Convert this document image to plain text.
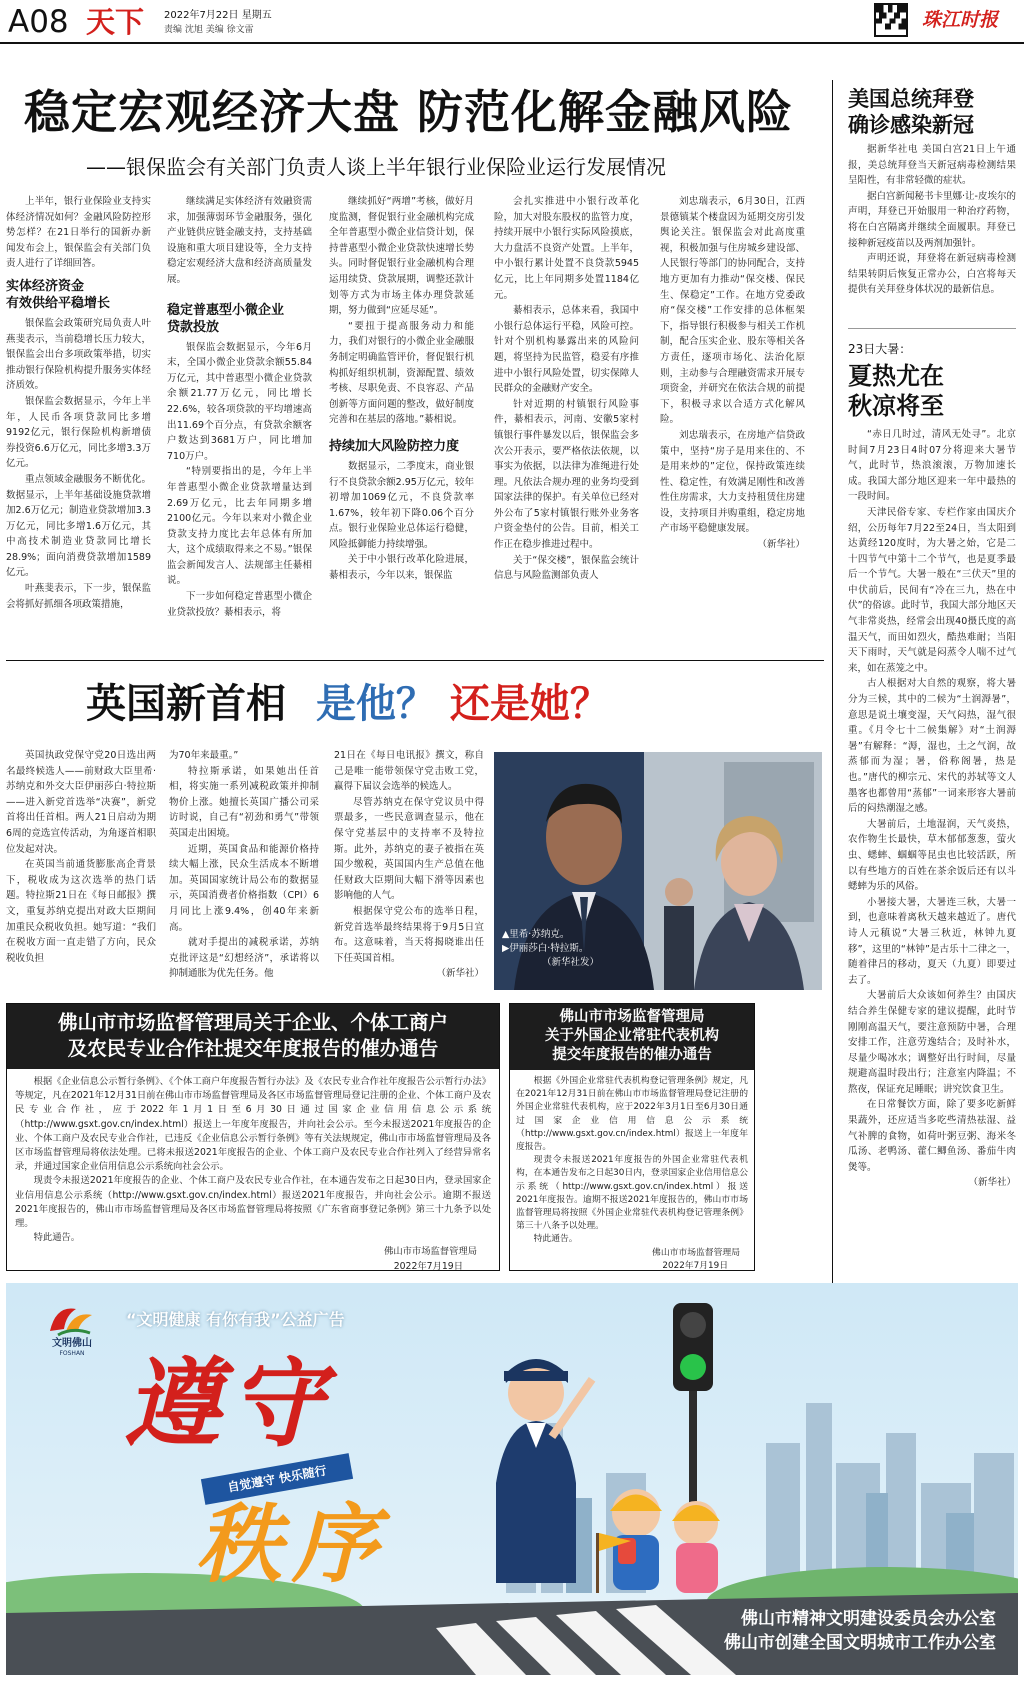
A08 天下 2022年7月22日 星期五
责编 沈旭 美编 徐文雷	珠江时报
稳定宏观经济大盘 防范化解金融风险
——银保监会有关部门负责人谈上半年银行业保险业运行发展情况

上半年，银行业保险业支持实体经济情况如何？金融风险防控形势怎样？在21日举行的国新办新闻发布会上，银保监会有关部门负责人进行了详细回答。

实体经济资金
有效供给平稳增长

银保监会政策研究局负责人叶燕斐表示，当前稳增长压力较大，银保监会出台多项政策举措，切实推动银行保险机构提升服务实体经济质效。

银保监会数据显示，今年上半年，人民币各项贷款同比多增9192亿元，银行保险机构新增债券投资6.6万亿元，同比多增3.3万亿元。

重点领域金融服务不断优化。数据显示，上半年基础设施贷款增加2.6万亿元；制造业贷款增加3.3万亿元，同比多增1.6万亿元，其中高技术制造业贷款同比增长28.9%；面向消费贷款增加1589亿元。

叶燕斐表示，下一步，银保监会将抓好抓细各项政策措施，

继续满足实体经济有效融资需求，加强薄弱环节金融服务，强化产业链供应链金融支持，支持基础设施和重大项目建设等，全力支持稳定宏观经济大盘和经济高质量发展。

稳定普惠型小微企业
贷款投放

银保监会数据显示，今年6月末，全国小微企业贷款余额55.84万亿元，其中普惠型小微企业贷款余额21.77万亿元，同比增长22.6%，较各项贷款的平均增速高出11.69个百分点，有贷款余额客户数达到3681万户，同比增加710万户。

“特别要指出的是，今年上半年普惠型小微企业贷款增量达到2.69万亿元，比去年同期多增2100亿元。今年以来对小微企业贷款支持力度比去年总体有所加大，这个成绩取得来之不易。”银保监会新闻发言人、法规部主任綦相说。

下一步如何稳定普惠型小微企业贷款投放？綦相表示，将

继续抓好“两增”考核，做好月度监测，督促银行业金融机构完成全年普惠型小微企业信贷计划，保持普惠型小微企业贷款快速增长势头。同时督促银行业金融机构合理运用续贷、贷款展期，调整还款计划等方式为市场主体办理贷款延期，努力做到“应延尽延”。

“要扭于提高服务动力和能力，我们对银行的小微企业金融服务制定明确监管评价，督促银行机构抓好组织机制，资源配置、绩效考核、尽职免责、不良容忍、产品创新等方面问题的整改，做好制度完善和在基层的落地。”綦相说。

持续加大风险防控力度

数据显示，二季度末，商业银行不良贷款余额2.95万亿元，较年初增加1069亿元，不良贷款率1.67%，较年初下降0.06个百分点。银行业保险业总体运行稳健，风险抵御能力持续增强。

关于中小银行改革化险进展，綦相表示，今年以来，银保监

会扎实推进中小银行改革化险，加大对股东股权的监管力度，持续开展中小银行实际风险摸底，大力盘活不良资产处置。上半年，中小银行累计处置不良贷款5945亿元，比上年同期多处置1184亿元。

綦相表示，总体来看，我国中小银行总体运行平稳，风险可控。针对个别机构暴露出来的风险问题，将坚持为民监管，稳妥有序推进中小银行风险处置，切实保障人民群众的金融财产安全。

针对近期的村镇银行风险事件，綦相表示，河南、安徽5家村镇银行事件暴发以后，银保监会多次公开表示，要严格依法依规，以事实为依据，以法律为准绳进行处理。凡依法合规办理的业务均受到国家法律的保护。有关单位已经对外公布了5家村镇银行账外业务客户资金垫付的公告。目前，相关工作正在稳步推进过程中。

关于“保交楼”，银保监会统计信息与风险监测部负责人

刘忠瑞表示，6月30日，江西景德镇某个楼盘因为延期交房引发舆论关注。银保监会对此高度重视，积极加强与住房城乡建设部、人民银行等部门的协同配合，支持地方更加有力推动“保交楼、保民生、保稳定”工作。在地方党委政府“保交楼”工作安排的总体框架下，指导银行积极参与相关工作机制，配合压实企业、股东等相关各方责任，逐项市场化、法治化原则，主动参与合理融资需求开展专项资金，并研究在依法合规的前提下，积极寻求以合适方式化解风险。

刘忠瑞表示，在房地产信贷政策中，坚持“房子是用来住的、不是用来炒的”定位，保持政策连续性、稳定性，有效满足刚性和改善性住房需求，大力支持租赁住房建设，支持项目并购重组，稳定房地产市场平稳健康发展。

（新华社）

美国总统拜登
确诊感染新冠

据新华社电 美国白宫21日上午通报，美总统拜登当天新冠病毒检测结果呈阳性，有非常轻微的症状。

据白宫新闻秘书卡里娜·让-皮埃尔的声明，拜登已开始服用一种治疗药物，将在白宫隔离并继续全面履职。拜登已接种新冠疫苗以及两剂加强针。

声明还说，拜登将在新冠病毒检测结果转阴后恢复正常办公，白宫将每天提供有关拜登身体状况的最新信息。

23日大暑：
夏热尤在
秋凉将至

“赤日几时过，清风无处寻”。北京时间7月23日4时07分将迎来大暑节气，此时节，热浪滚滚，万物加速长成。我国大部分地区迎来一年中最热的一段时间。

天津民俗专家、专栏作家由国庆介绍，公历每年7月22至24日，当太阳到达黄经120度时，为大暑之始，它是二十四节气中第十二个节气，也是夏季最后一个节气。大暑一般在“三伏天”里的中伏前后，民间有“冷在三九，热在中伏”的俗谚。此时节，我国大部分地区天气非常炎热，经常会出现40摄氏度的高温天气，而田如烈火，酷热难耐；当阳天下雨时，天气就是闷蒸令人喘不过气来，如在蒸笼之中。

古人根据对大自然的观察，将大暑分为三候，其中的二候为“土润溽暑”，意思是说土壤变湿，天气闷热，湿气很重。《月令七十二候集解》对“土润溽暑”有解释：“溽，湿也，土之气润，故蒸郁而为湿；暑，俗称阁暑，热是也。”唐代的柳宗元、宋代的苏轼等文人墨客也都曾用“蒸郁”一词来形容大暑前后的闷热潮湿之感。

大暑前后，土地湿润，天气炎热，农作物生长最快，草木郁郁葱葱，萤火虫、蟋蟀、蝈蝈等昆虫也比较活跃，所以有些地方的百姓在茶余饭后还有以斗蟋蟀为乐的风俗。

小暑接大暑，大暑连三秋，大暑一到，也意味着离秋天越来越近了。唐代诗人元稹说“大暑三秋近，林钟九夏移”，这里的“林钟”是古乐十二律之一，随着律吕的移动，夏天（九夏）即要过去了。

大暑前后大众该如何养生？由国庆结合养生保健专家的建议提醒，此时节刚刚高温天气，要注意预防中暑，合理安排工作，注意劳逸结合；及时补水，尽量少喝冰水；调整好出行时间，尽量规避高温时段出行；注意室内降温；不熬夜，保证充足睡眠；讲究饮食卫生。

在日常餐饮方面，除了要多吃新鲜果蔬外，还应适当多吃些清热祛湿、益气补脾的食物，如荷叶粥豆粥、海米冬瓜汤、老鸭汤、藿仁鲫鱼汤、番茄牛肉煲等。

（新华社）

英国新首相 是他？ 还是她？

英国执政党保守党20日选出两名最终候选人——前财政大臣里希·苏纳克和外交大臣伊丽莎白·特拉斯——进入新党首选举“决赛”，新党首将出任首相。两人21日启动为期6周的竞选宣传活动，为角逐首相职位发起对决。

在英国当前通货膨胀高企背景下，税收成为这次选举的热门话题。特拉斯21日在《每日邮报》撰文，重复苏纳克提出对政大臣期间加重民众税收负担。她写道：“我们在税收方面一直走错了方向，民众税收负担

为70年来最重。”

特拉斯承诺，如果她出任首相，将实施一系列减税政策并抑制物价上涨。她擅长英国广播公司采访时说，自己有“初劲和勇气”带领英国走出困境。

近期，英国食品和能源价格持续大幅上涨，民众生活成本不断增加。英国国家统计局公布的数据显示，英国消费者价格指数（CPI）6月同比上涨9.4%，创40年来新高。

就对手提出的减税承诺，苏纳克批评这是“幻想经济”，承诺将以抑制通胀为优先任务。他

21日在《每日电讯报》撰文，称自己是唯一能带领保守党击败工党，赢得下届议会选举的候选人。

尽管苏纳克在保守党议员中得票最多，一些民意调查显示，他在保守党基层中的支持率不及特拉斯。此外，苏纳克的妻子被指在英国少缴税，英国国内生产总值在他任财政大臣期间大幅下滑等因素也影响他的人气。

根据保守党公布的选举日程，新党首选举最终结果将于9月5日宣布。这意味着，当天将揭晓谁出任下任英国首相。

（新华社）

▲里希·苏纳克。
▶伊丽莎白·特拉斯。
（新华社发）
佛山市市场监督管理局关于企业、个体工商户
及农民专业合作社提交年度报告的催办通告

根据《企业信息公示暂行条例》、《个体工商户年度报告暂行办法》及《农民专业合作社年度报告公示暂行办法》等规定，凡在2021年12月31日前在佛山市市场监督管理局及各区市场监督管理局登记注册的企业、个体工商户及农民专业合作社，应于2022年1月1日至6月30日通过国家企业信用信息公示系统（http://www.gsxt.gov.cn/index.html）报送上一年度年度报告，并向社会公示。至今未报送2021年度报告的企业、个体工商户及农民专业合作社，已违反《企业信息公示暂行条例》等有关法规规定，佛山市市场监督管理局及各区市场监督管理局将依法处理。已将未报送2021年度报告的企业、个体工商户及农民专业合作社列入了经营异常名录，并通过国家企业信用信息公示系统向社会公示。

现责令未报送2021年度报告的企业、个体工商户及农民专业合作社，在本通告发布之日起30日内，登录国家企业信用信息公示系统（http://www.gsxt.gov.cn/index.html）报送2021年度报告，并向社会公示。逾期不报送2021年度报告的，佛山市市场监督管理局及各区市场监督管理局将按照《广东省商事登记条例》第三十九条予以处理。

特此通告。

佛山市市场监督管理局
2022年7月19日
佛山市市场监督管理局
关于外国企业常驻代表机构
提交年度报告的催办通告

根据《外国企业常驻代表机构登记管理条例》规定，凡在2021年12月31日前在佛山市市场监督管理局登记注册的外国企业常驻代表机构，应于2022年3月1日至6月30日通过国家企业信用信息公示系统（http://www.gsxt.gov.cn/index.html）报送上一年度年度报告。

现责令未报送2021年度报告的外国企业常驻代表机构，在本通告发布之日起30日内，登录国家企业信用信息公示系统（http://www.gsxt.gov.cn/index.html）报送2021年度报告。逾期不报送2021年度报告的，佛山市市场监督管理局将按照《外国企业常驻代表机构登记管理条例》第三十八条予以处理。

特此通告。

佛山市市场监督管理局
2022年7月19日
文明佛山
FOSHAN
“文明健康 有你有我”公益广告
遵守
自觉遵守 快乐随行
秩序
佛山市精神文明建设委员会办公室
佛山市创建全国文明城市工作办公室
